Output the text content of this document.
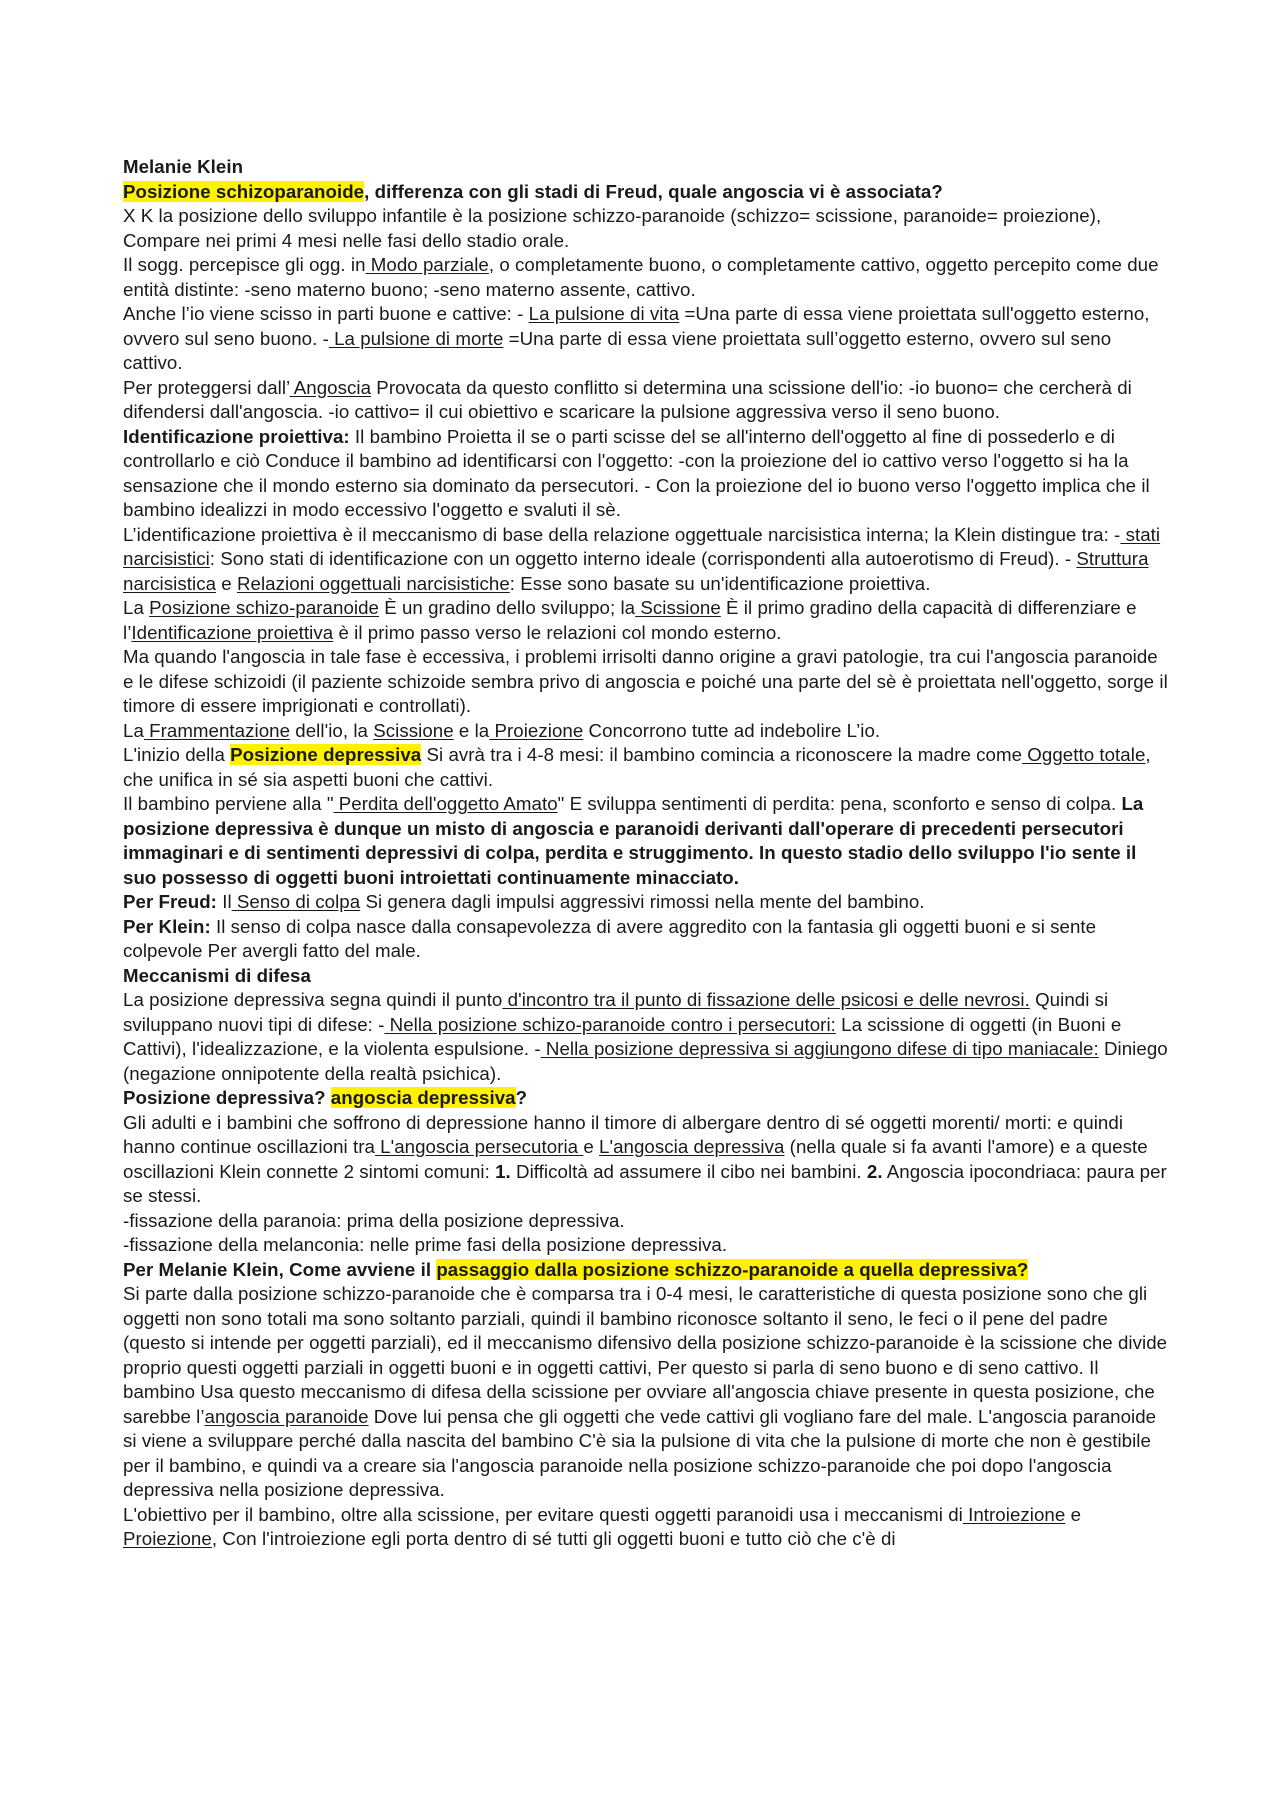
Melanie Klein

Posizione schizoparanoide, differenza con gli stadi di Freud, quale angoscia vi è associata?

X K la posizione dello sviluppo infantile è la posizione schizzo-paranoide (schizzo= scissione, paranoide= proiezione), Compare nei primi 4 mesi nelle fasi dello stadio orale.

Il sogg. percepisce gli ogg. in Modo parziale, o completamente buono, o completamente cattivo, oggetto percepito come due entità distinte: -seno materno buono; -seno materno assente, cattivo.

Anche l’io viene scisso in parti buone e cattive: - La pulsione di vita =Una parte di essa viene proiettata sull'oggetto esterno, ovvero sul seno buono. - La pulsione di morte =Una parte di essa viene proiettata sull’oggetto esterno, ovvero sul seno cattivo.

Per proteggersi dall’ Angoscia Provocata da questo conflitto si determina una scissione dell'io: -io buono= che cercherà di difendersi dall'angoscia. -io cattivo= il cui obiettivo e scaricare la pulsione aggressiva verso il seno buono.

Identificazione proiettiva: Il bambino Proietta il se o parti scisse del se all'interno dell'oggetto al fine di possederlo e di controllarlo e ciò Conduce il bambino ad identificarsi con l'oggetto: -con la proiezione del io cattivo verso l'oggetto si ha la sensazione che il mondo esterno sia dominato da persecutori. - Con la proiezione del io buono verso l'oggetto implica che il bambino idealizzi in modo eccessivo l'oggetto e svaluti il sè.

L’identificazione proiettiva è il meccanismo di base della relazione oggettuale narcisistica interna; la Klein distingue tra: - stati narcisistici: Sono stati di identificazione con un oggetto interno ideale (corrispondenti alla autoerotismo di Freud). - Struttura narcisistica e Relazioni oggettuali narcisistiche: Esse sono basate su un'identificazione proiettiva.

La Posizione schizo-paranoide È un gradino dello sviluppo; la Scissione È il primo gradino della capacità di differenziare e l’Identificazione proiettiva è il primo passo verso le relazioni col mondo esterno.

Ma quando l'angoscia in tale fase è eccessiva, i problemi irrisolti danno origine a gravi patologie, tra cui l'angoscia paranoide e le difese schizoidi (il paziente schizoide sembra privo di angoscia e poiché una parte del sè è proiettata nell'oggetto, sorge il timore di essere imprigionati e controllati).

La Frammentazione dell'io, la Scissione e la Proiezione Concorrono tutte ad indebolire L’io.

L'inizio della Posizione depressiva Si avrà tra i 4-8 mesi: il bambino comincia a riconoscere la madre come Oggetto totale, che unifica in sé sia aspetti buoni che cattivi.

Il bambino perviene alla " Perdita dell'oggetto Amato" E sviluppa sentimenti di perdita: pena, sconforto e senso di colpa. La posizione depressiva è dunque un misto di angoscia e paranoidi derivanti dall'operare di precedenti persecutori immaginari e di sentimenti depressivi di colpa, perdita e struggimento. In questo stadio dello sviluppo l'io sente il suo possesso di oggetti buoni introiettati continuamente minacciato.

Per Freud: Il Senso di colpa Si genera dagli impulsi aggressivi rimossi nella mente del bambino.

Per Klein: Il senso di colpa nasce dalla consapevolezza di avere aggredito con la fantasia gli oggetti buoni e si sente colpevole Per avergli fatto del male.

Meccanismi di difesa

La posizione depressiva segna quindi il punto d'incontro tra il punto di fissazione delle psicosi e delle nevrosi. Quindi si sviluppano nuovi tipi di difese: - Nella posizione schizo-paranoide contro i persecutori: La scissione di oggetti (in Buoni e Cattivi), l'idealizzazione, e la violenta espulsione. - Nella posizione depressiva si aggiungono difese di tipo maniacale: Diniego (negazione onnipotente della realtà psichica).

Posizione depressiva? angoscia depressiva?

Gli adulti e i bambini che soffrono di depressione hanno il timore di albergare dentro di sé oggetti morenti/ morti: e quindi hanno continue oscillazioni tra L'angoscia persecutoria e L'angoscia depressiva (nella quale si fa avanti l'amore) e a queste oscillazioni Klein connette 2 sintomi comuni: 1. Difficoltà ad assumere il cibo nei bambini. 2. Angoscia ipocondriaca: paura per se stessi.

-fissazione della paranoia: prima della posizione depressiva.

-fissazione della melanconia: nelle prime fasi della posizione depressiva.

Per Melanie Klein, Come avviene il passaggio dalla posizione schizzo-paranoide a quella depressiva?

Si parte dalla posizione schizzo-paranoide che è comparsa tra i 0-4 mesi, le caratteristiche di questa posizione sono che gli oggetti non sono totali ma sono soltanto parziali, quindi il bambino riconosce soltanto il seno, le feci o il pene del padre (questo si intende per oggetti parziali), ed il meccanismo difensivo della posizione schizzo-paranoide è la scissione che divide proprio questi oggetti parziali in oggetti buoni e in oggetti cattivi, Per questo si parla di seno buono e di seno cattivo. Il bambino Usa questo meccanismo di difesa della scissione per ovviare all'angoscia chiave presente in questa posizione, che sarebbe l’angoscia paranoide Dove lui pensa che gli oggetti che vede cattivi gli vogliano fare del male. L'angoscia paranoide si viene a sviluppare perché dalla nascita del bambino C'è sia la pulsione di vita che la pulsione di morte che non è gestibile per il bambino, e quindi va a creare sia l'angoscia paranoide nella posizione schizzo-paranoide che poi dopo l'angoscia depressiva nella posizione depressiva.

L'obiettivo per il bambino, oltre alla scissione, per evitare questi oggetti paranoidi usa i meccanismi di Introiezione e Proiezione, Con l'introiezione egli porta dentro di sé tutti gli oggetti buoni e tutto ciò che c'è di
